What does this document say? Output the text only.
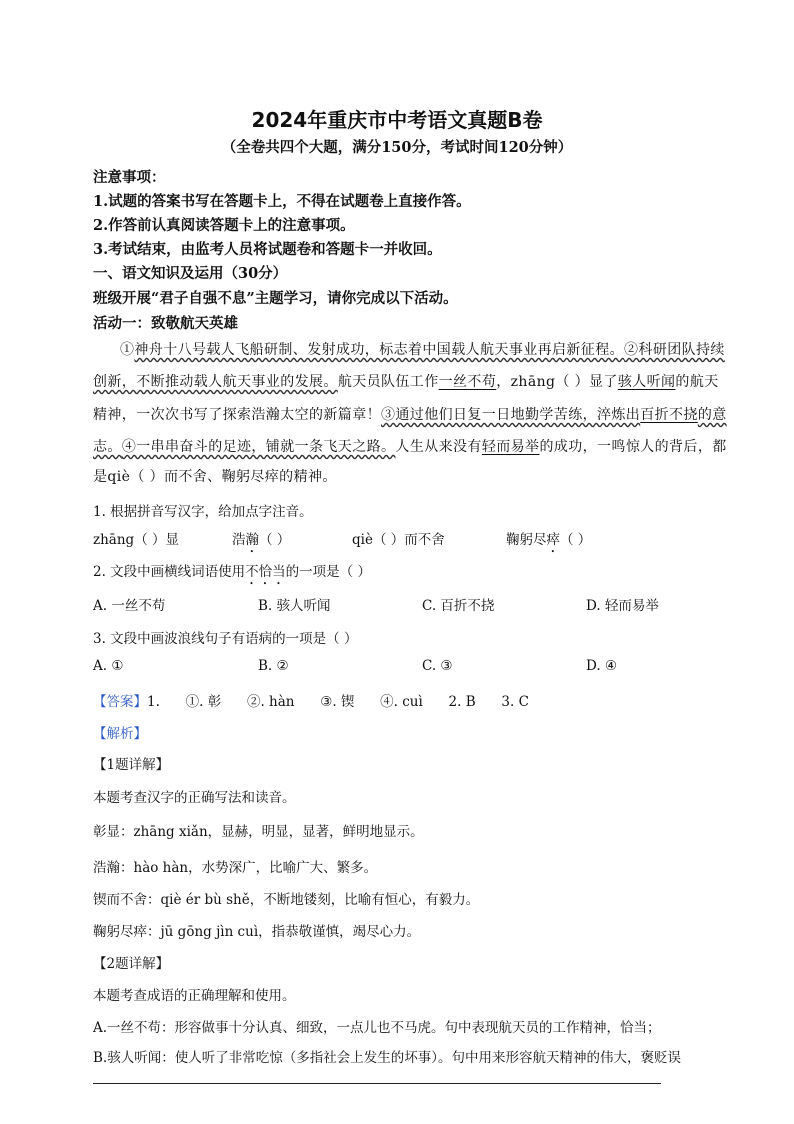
2024年重庆市中考语文真题B卷
（全卷共四个大题，满分150分，考试时间120分钟）
注意事项：
1.试题的答案书写在答题卡上，不得在试题卷上直接作答。
2.作答前认真阅读答题卡上的注意事项。
3.考试结束，由监考人员将试题卷和答题卡一并收回。
一、语文知识及运用（30分）
班级开展“君子自强不息”主题学习，请你完成以下活动。
活动一：致敬航天英雄
①神舟十八号载人飞船研制、发射成功，标志着中国载人航天事业再启新征程。②科研团队持续
创新，不断推动载人航天事业的发展。航天员队伍工作一丝不苟，zhāng（ ）显了骇人听闻的航天
精神，一次次书写了探索浩瀚太空的新篇章！③通过他们日复一日地勤学苦练，淬炼出百折不挠的意
志。④一串串奋斗的足迹，铺就一条飞天之路。人生从来没有轻而易举的成功，一鸣惊人的背后，都
是qiè（ ）而不舍、鞠躬尽瘁的精神。
1. 根据拼音写汉字，给加点字注音。
zhāng（ ）显	浩瀚（ ）	qiè（ ）而不舍	鞠躬尽瘁（ ）
2. 文段中画横线词语使用不恰当的一项是（ ）
A. 一丝不苟	B. 骇人听闻	C. 百折不挠	D. 轻而易举
3. 文段中画波浪线句子有语病的一项是（ ）
A. ①	B. ②	C. ③	D. ④
【答案】1.      ①. 彰      ②. hàn      ③. 锲      ④. cuì      2. B      3. C
【解析】
【1题详解】
本题考查汉字的正确写法和读音。
彰显：zhāng xiǎn，显赫，明显，显著，鲜明地显示。
浩瀚：hào hàn，水势深广，比喻广大、繁多。
锲而不舍：qiè ér bù shě，不断地镂刻，比喻有恒心，有毅力。
鞠躬尽瘁：jū gōng jìn cuì，指恭敬谨慎，竭尽心力。
【2题详解】
本题考查成语的正确理解和使用。
A.一丝不苟：形容做事十分认真、细致，一点儿也不马虎。句中表现航天员的工作精神，恰当；
B.骇人听闻：使人听了非常吃惊（多指社会上发生的坏事）。句中用来形容航天精神的伟大，褒贬误
